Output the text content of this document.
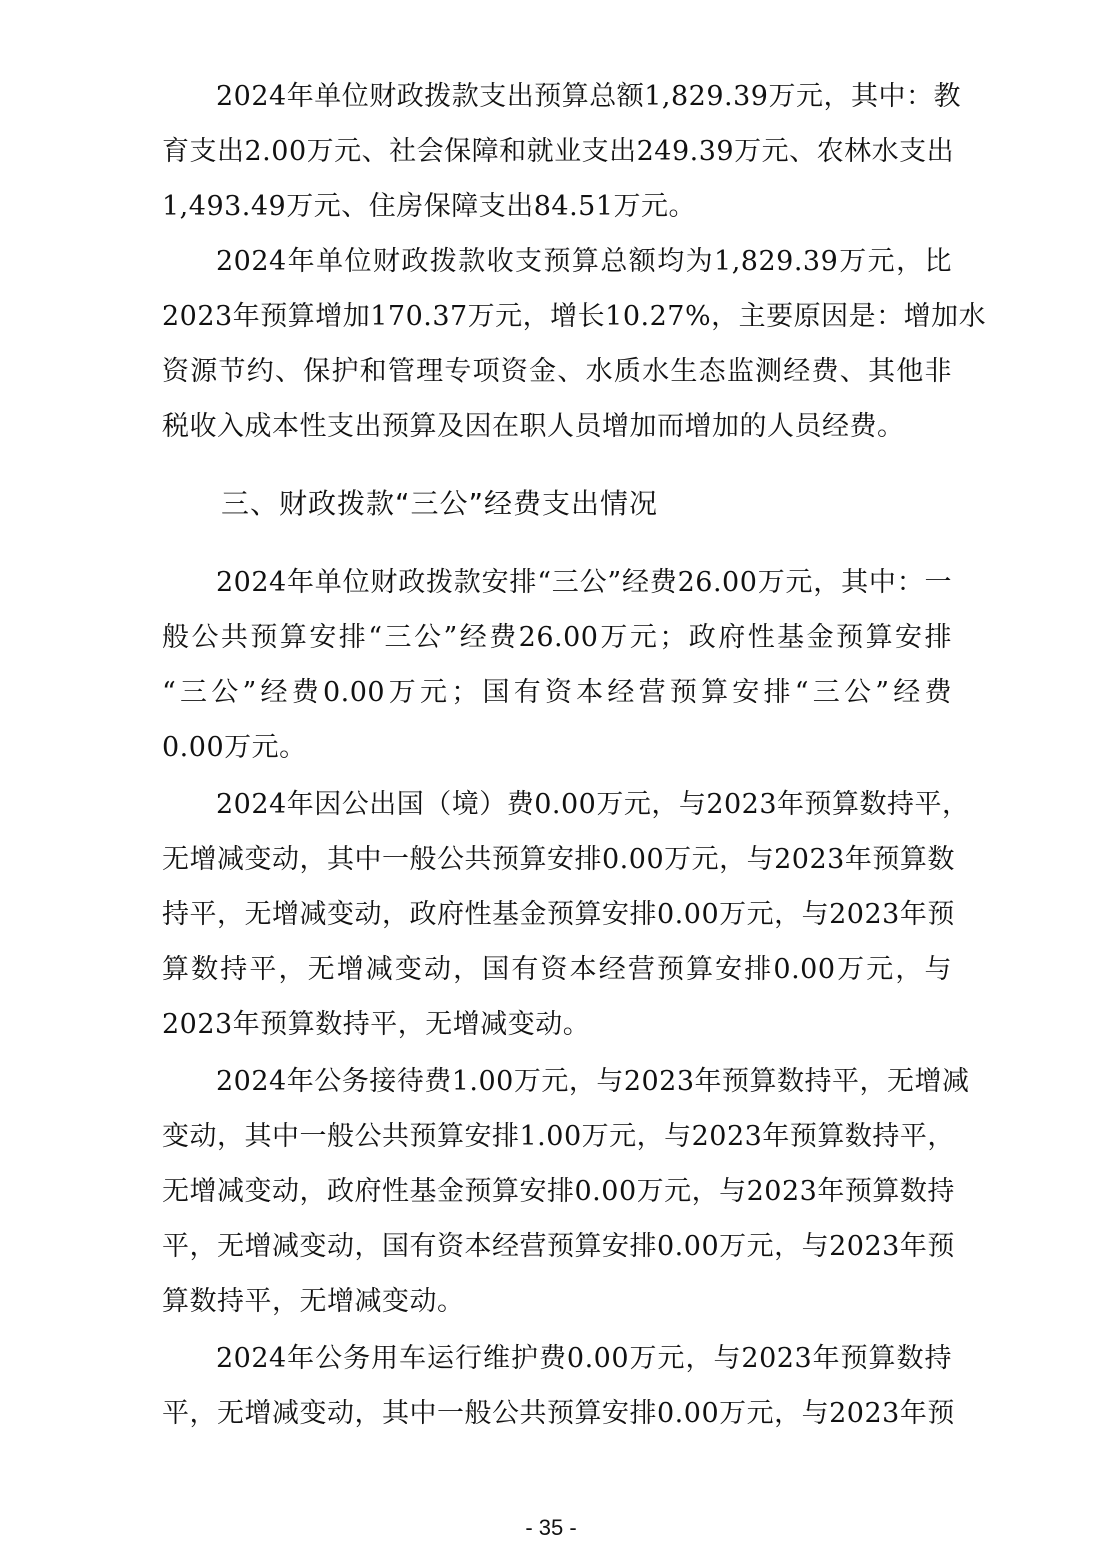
2024年单位财政拨款支出预算总额1,829.39万元，其中：教
育支出2.00万元、社会保障和就业支出249.39万元、农林水支出
1,493.49万元、住房保障支出84.51万元。
2024年单位财政拨款收支预算总额均为1,829.39万元，比
2023年预算增加170.37万元，增长10.27%，主要原因是：增加水
资源节约、保护和管理专项资金、水质水生态监测经费、其他非
税收入成本性支出预算及因在职人员增加而增加的人员经费。
三、财政拨款“三公”经费支出情况
2024年单位财政拨款安排“三公”经费26.00万元，其中：一
般公共预算安排“三公”经费26.00万元；政府性基金预算安排
“三公”经费0.00万元；国有资本经营预算安排“三公”经费
0.00万元。
2024年因公出国（境）费0.00万元，与2023年预算数持平，
无增减变动，其中一般公共预算安排0.00万元，与2023年预算数
持平，无增减变动，政府性基金预算安排0.00万元，与2023年预
算数持平，无增减变动，国有资本经营预算安排0.00万元，与
2023年预算数持平，无增减变动。
2024年公务接待费1.00万元，与2023年预算数持平，无增减
变动，其中一般公共预算安排1.00万元，与2023年预算数持平，
无增减变动，政府性基金预算安排0.00万元，与2023年预算数持
平，无增减变动，国有资本经营预算安排0.00万元，与2023年预
算数持平，无增减变动。
2024年公务用车运行维护费0.00万元，与2023年预算数持
平，无增减变动，其中一般公共预算安排0.00万元，与2023年预
- 35 -
